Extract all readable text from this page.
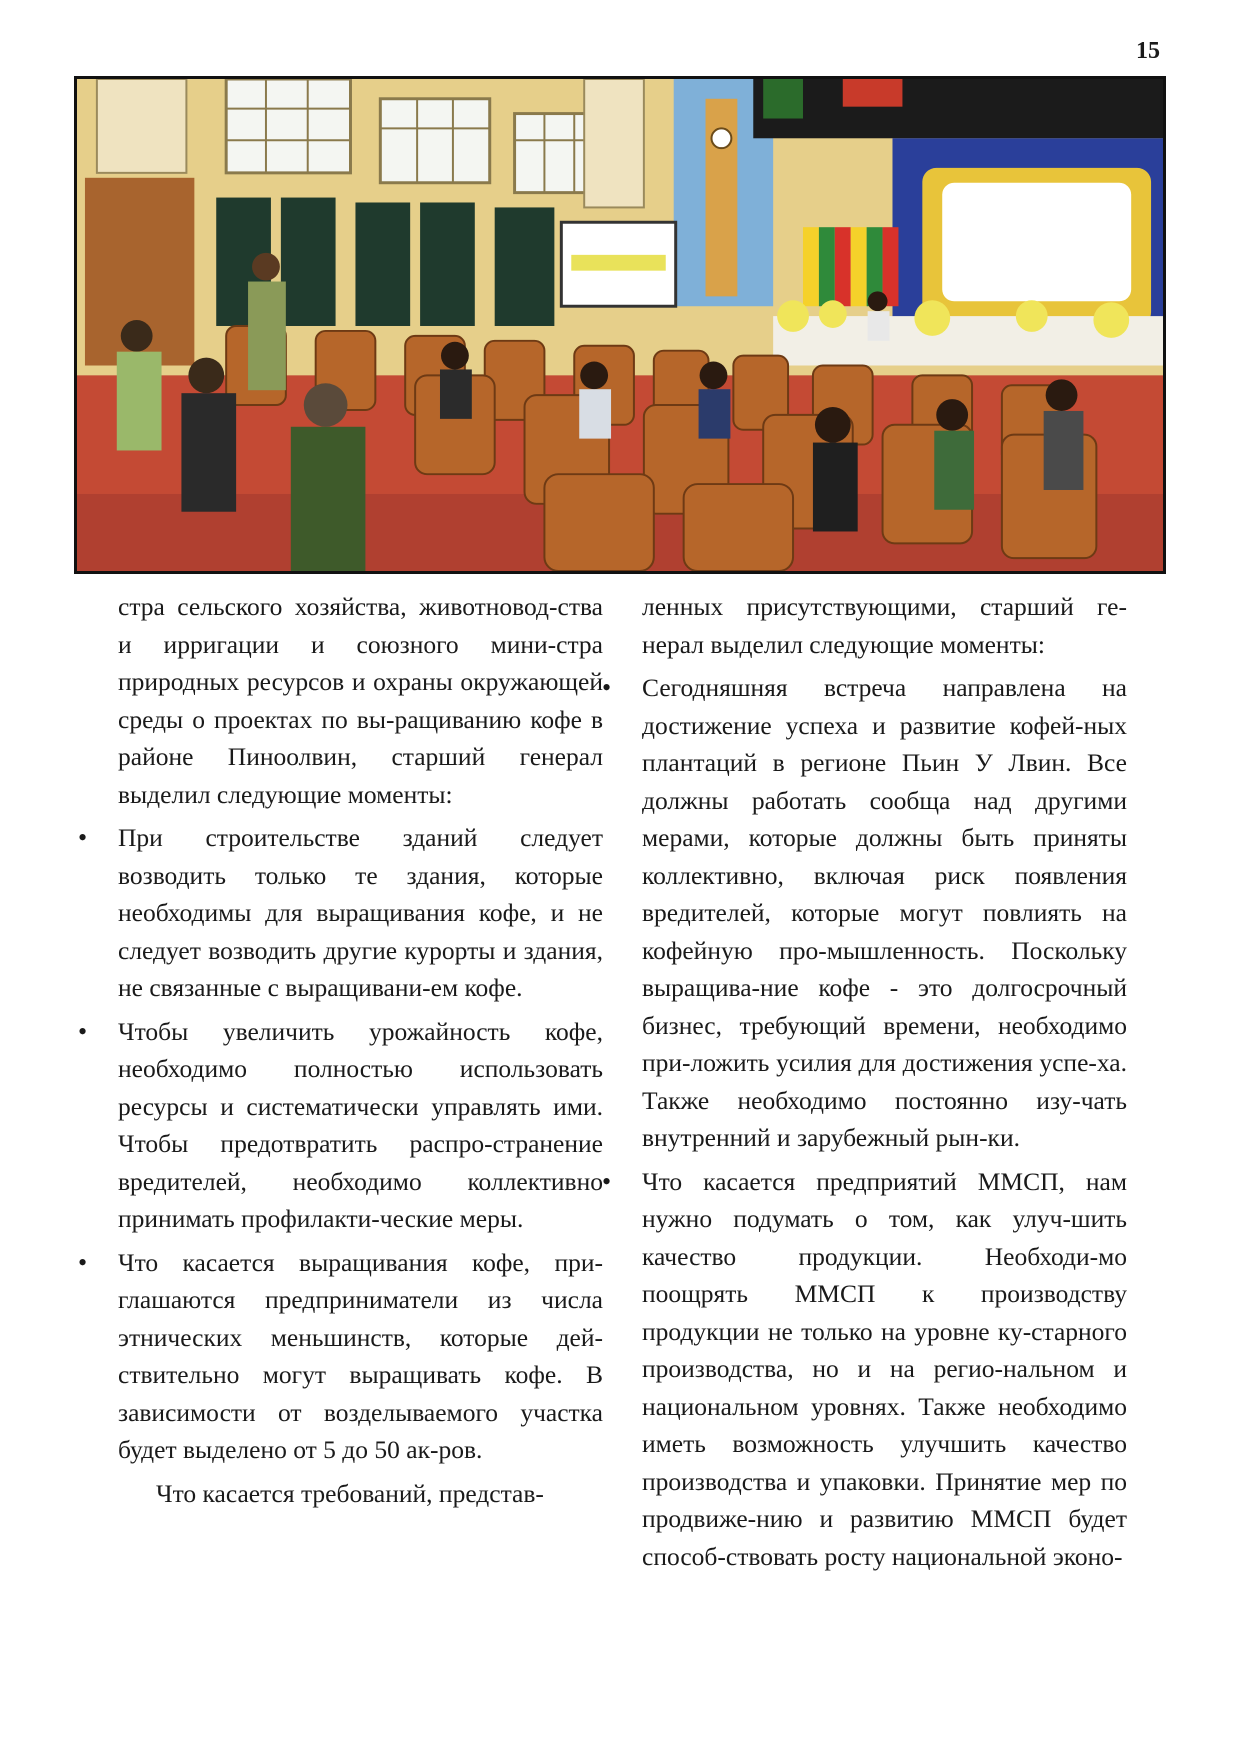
15

стра сельского хозяйства, животновод-ства и ирригации и союзного мини-стра природных ресурсов и охраны окружающей среды о проектах по вы-ращиванию кофе в районе Пиноолвин, старший генерал выделил следующие моменты:

• При строительстве зданий следует возводить только те здания, которые необходимы для выращивания кофе, и не следует возводить другие курорты и здания, не связанные с выращивани-ем кофе.
• Чтобы увеличить урожайность кофе, необходимо полностью использовать ресурсы и систематически управлять ими. Чтобы предотвратить распро-странение вредителей, необходимо коллективно принимать профилакти-ческие меры.
• Что касается выращивания кофе, при-глашаются предприниматели из числа этнических меньшинств, которые дей-ствительно могут выращивать кофе. В зависимости от возделываемого участка будет выделено от 5 до 50 ак-ров.

Что касается требований, представ-

ленных присутствующими, старший ге-нерал выделил следующие моменты:

• Сегодняшняя встреча направлена на достижение успеха и развитие кофей-ных плантаций в регионе Пьин У Лвин. Все должны работать сообща над другими мерами, которые должны быть приняты коллективно, включая риск появления вредителей, которые могут повлиять на кофейную про-мышленность. Поскольку выращива-ние кофе - это долгосрочный бизнес, требующий времени, необходимо при-ложить усилия для достижения успе-ха. Также необходимо постоянно изу-чать внутренний и зарубежный рын-ки.
• Что касается предприятий ММСП, нам нужно подумать о том, как улуч-шить качество продукции. Необходи-мо поощрять ММСП к производству продукции не только на уровне ку-старного производства, но и на регио-нальном и национальном уровнях. Также необходимо иметь возможность улучшить качество производства и упаковки. Принятие мер по продвиже-нию и развитию ММСП будет способ-ствовать росту национальной эконо-
